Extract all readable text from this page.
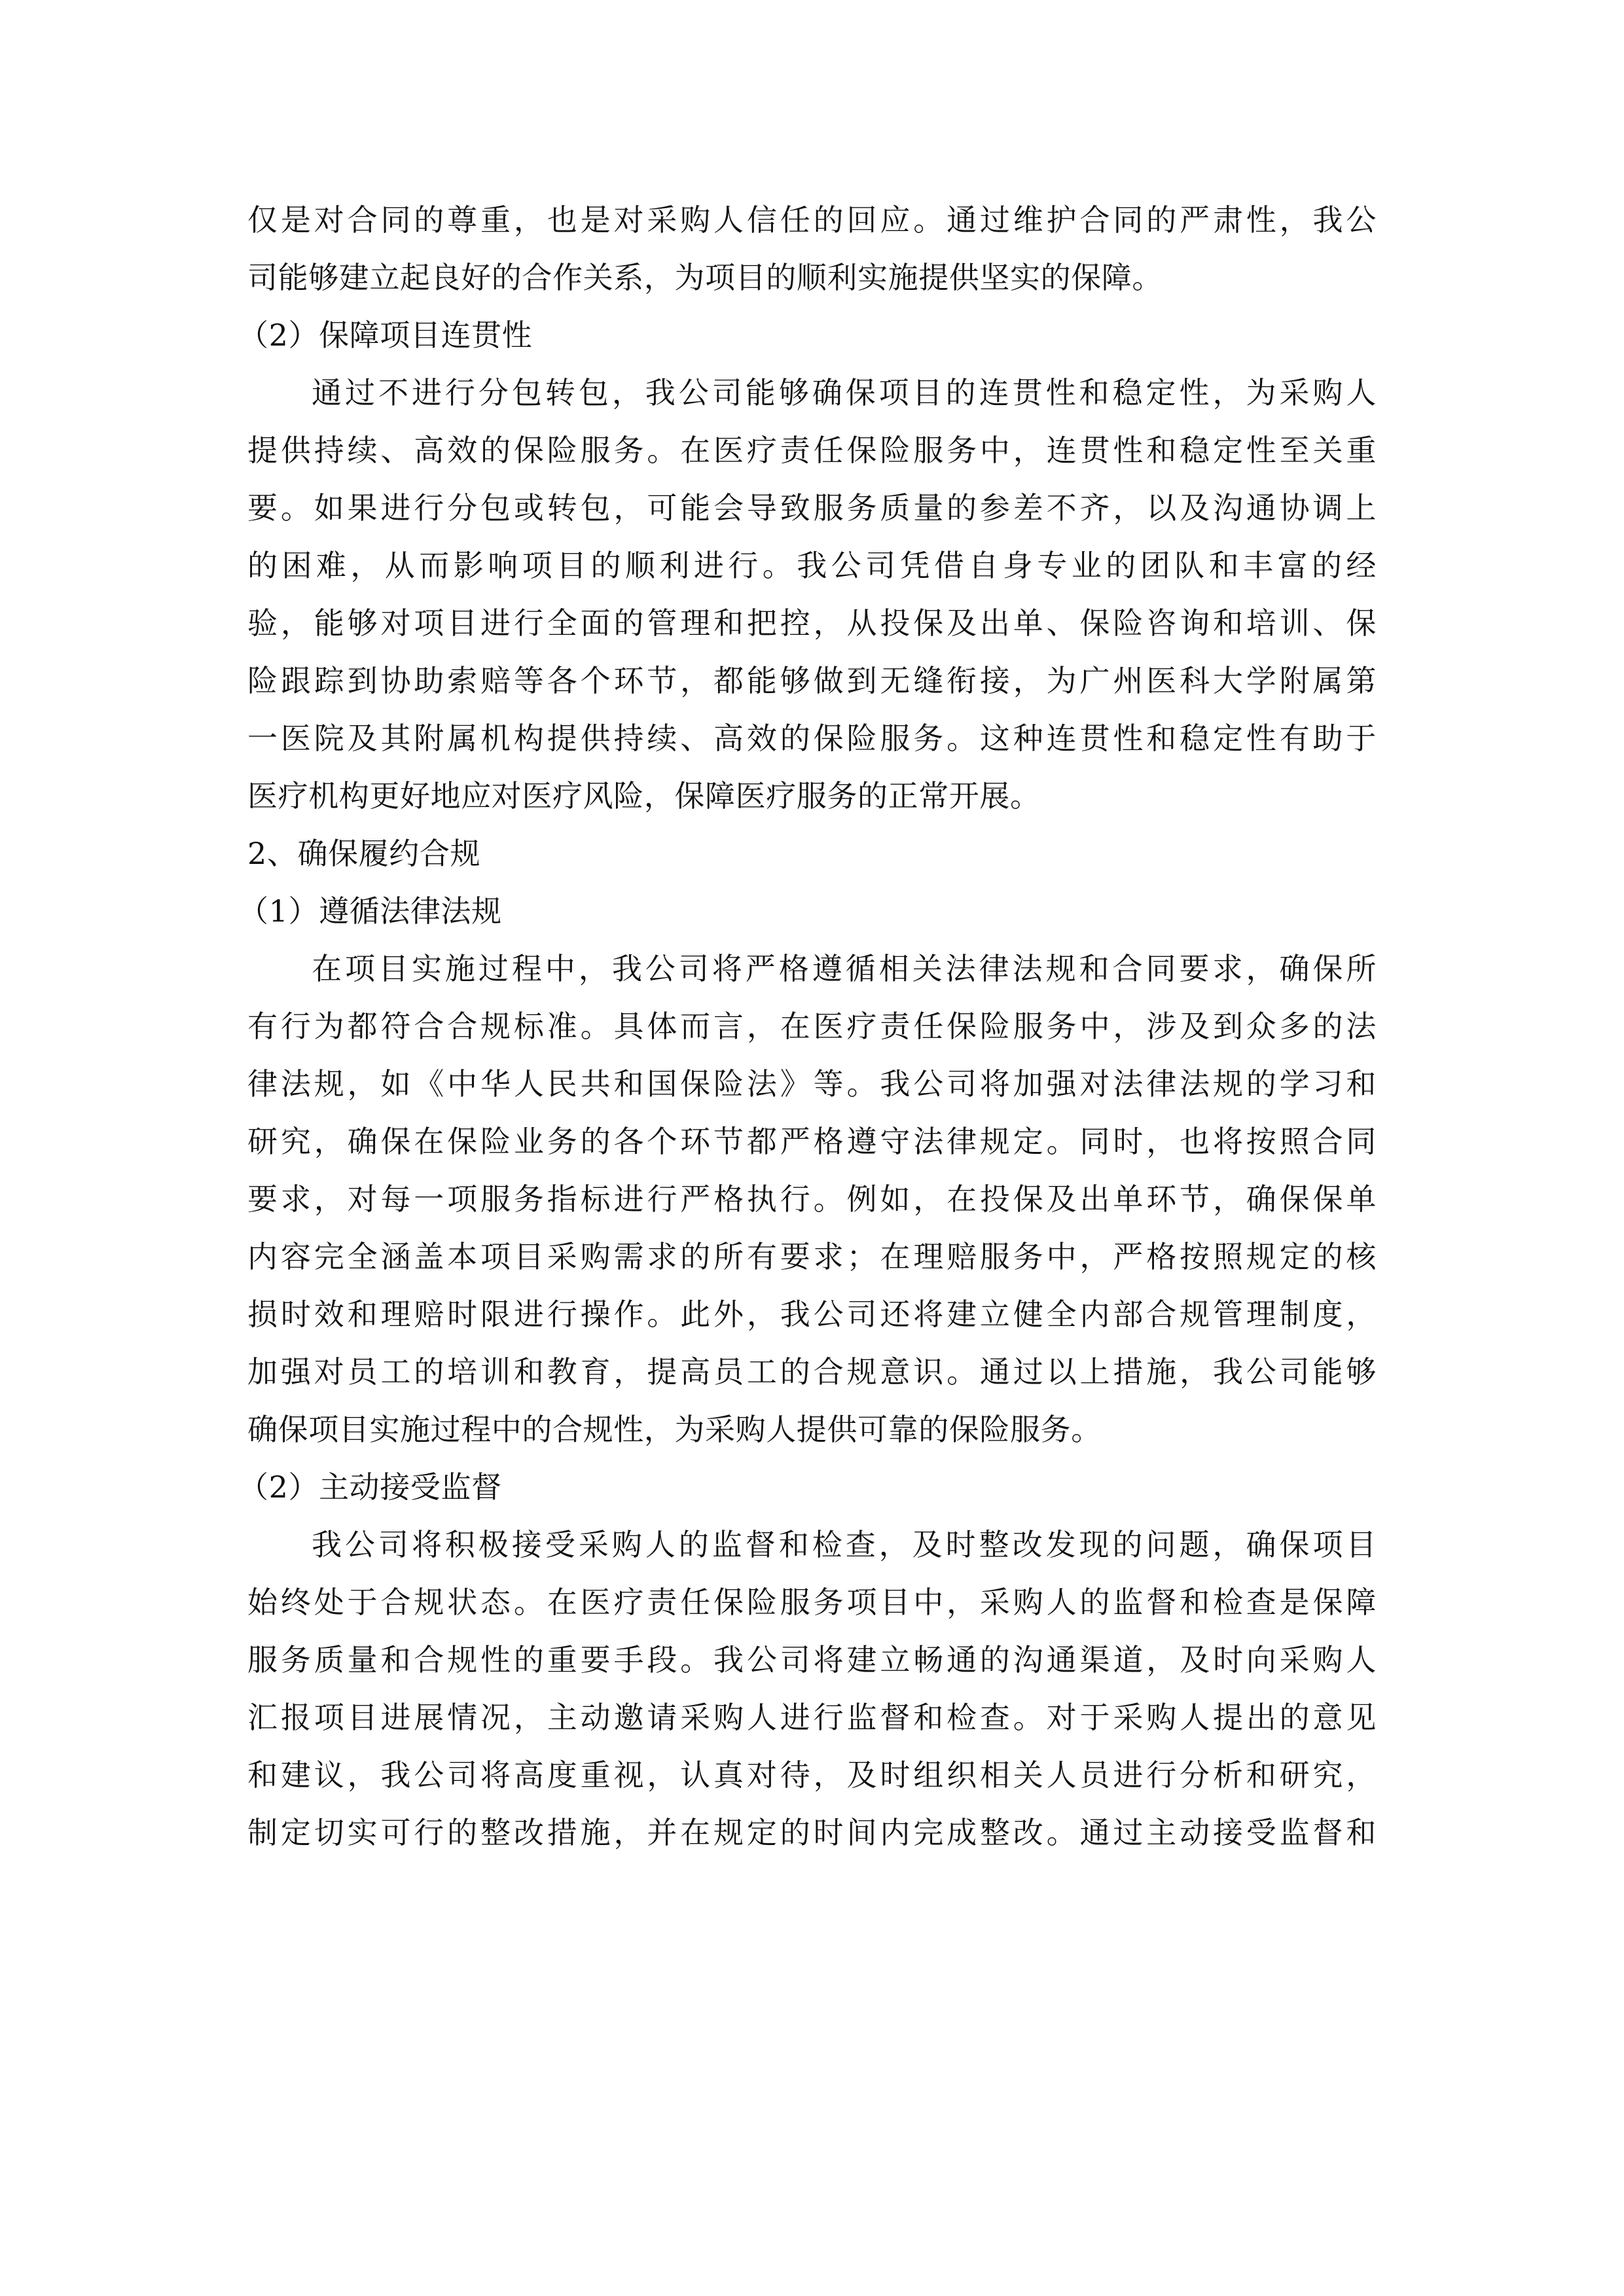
仅是对合同的尊重，也是对采购人信任的回应。通过维护合同的严肃性，我公
司能够建立起良好的合作关系，为项目的顺利实施提供坚实的保障。
（2）保障项目连贯性
通过不进行分包转包，我公司能够确保项目的连贯性和稳定性，为采购人
提供持续、高效的保险服务。在医疗责任保险服务中，连贯性和稳定性至关重
要。如果进行分包或转包，可能会导致服务质量的参差不齐，以及沟通协调上
的困难，从而影响项目的顺利进行。我公司凭借自身专业的团队和丰富的经
验，能够对项目进行全面的管理和把控，从投保及出单、保险咨询和培训、保
险跟踪到协助索赔等各个环节，都能够做到无缝衔接，为广州医科大学附属第
一医院及其附属机构提供持续、高效的保险服务。这种连贯性和稳定性有助于
医疗机构更好地应对医疗风险，保障医疗服务的正常开展。
2、确保履约合规
（1）遵循法律法规
在项目实施过程中，我公司将严格遵循相关法律法规和合同要求，确保所
有行为都符合合规标准。具体而言，在医疗责任保险服务中，涉及到众多的法
律法规，如《中华人民共和国保险法》等。我公司将加强对法律法规的学习和
研究，确保在保险业务的各个环节都严格遵守法律规定。同时，也将按照合同
要求，对每一项服务指标进行严格执行。例如，在投保及出单环节，确保保单
内容完全涵盖本项目采购需求的所有要求；在理赔服务中，严格按照规定的核
损时效和理赔时限进行操作。此外，我公司还将建立健全内部合规管理制度，
加强对员工的培训和教育，提高员工的合规意识。通过以上措施，我公司能够
确保项目实施过程中的合规性，为采购人提供可靠的保险服务。
（2）主动接受监督
我公司将积极接受采购人的监督和检查，及时整改发现的问题，确保项目
始终处于合规状态。在医疗责任保险服务项目中，采购人的监督和检查是保障
服务质量和合规性的重要手段。我公司将建立畅通的沟通渠道，及时向采购人
汇报项目进展情况，主动邀请采购人进行监督和检查。对于采购人提出的意见
和建议，我公司将高度重视，认真对待，及时组织相关人员进行分析和研究，
制定切实可行的整改措施，并在规定的时间内完成整改。通过主动接受监督和
